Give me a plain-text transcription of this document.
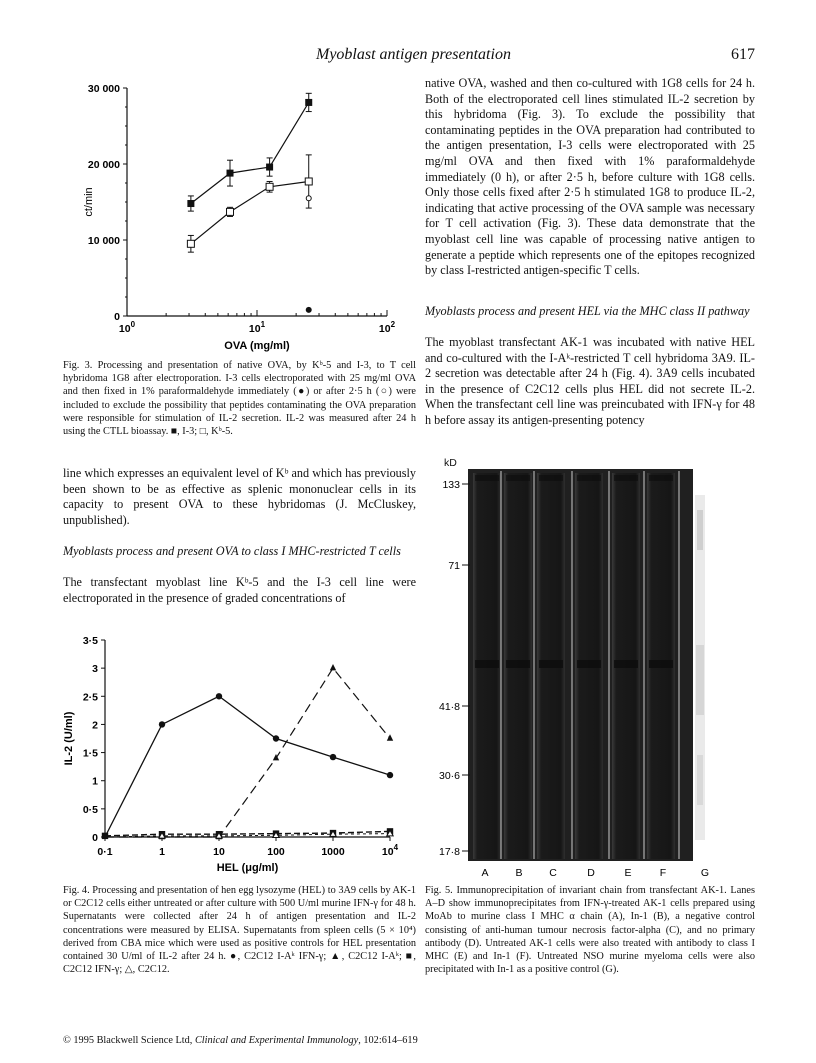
Myoblast antigen presentation	617
0
10 000
20 000
30 000
$10^0$	$10^1$	$10^2$
ct/min
OVA (mg/ml)
Fig. 3. Processing and presentation of native OVA, by Kᵇ-5 and I-3, to T cell hybridoma 1G8 after electroporation. I-3 cells electroporated with 25 mg/ml OVA and then fixed in 1% paraformaldehyde immediately (●) or after 2·5 h (○) were included to exclude the possibility that peptides contaminating the OVA preparation were responsible for stimulation of IL-2 secretion. IL-2 was measured after 24 h using the CTLL bioassay. ■, I-3; □, Kᵇ-5.
line which expresses an equivalent level of Kᵇ and which has previously been shown to be as effective as splenic mononuclear cells in its capacity to present OVA to these hybridomas (J. McCluskey, unpublished).
Myoblasts process and present OVA to class I MHC-restricted T cells
The transfectant myoblast line Kᵇ-5 and the I-3 cell line were electroporated in the presence of graded concentrations of
0
0·5
1
1·5
2
2·5
3
3·5
0·1	1	10	100	1000	$10^4$
IL-2 (U/ml)
HEL (μg/ml)
Fig. 4. Processing and presentation of hen egg lysozyme (HEL) to 3A9 cells by AK-1 or C2C12 cells either untreated or after culture with 500 U/ml murine IFN-γ for 48 h. Supernatants were collected after 24 h of antigen presentation and IL-2 concentrations were measured by ELISA. Supernatants from spleen cells (5 × 10⁴) derived from CBA mice which were used as positive controls for HEL presentation contained 30 U/ml of IL-2 after 24 h. ●, C2C12 I-Aᵏ IFN-γ; ▲, C2C12 I-Aᵏ; ■, C2C12 IFN-γ; △, C2C12.
native OVA, washed and then co-cultured with 1G8 cells for 24 h. Both of the electroporated cell lines stimulated IL-2 secretion by this hybridoma (Fig. 3). To exclude the possibility that contaminating peptides in the OVA preparation had contributed to the antigen presentation, I-3 cells were electroporated with 25 mg/ml OVA and then fixed with 1% paraformaldehyde immediately (0 h), or after 2·5 h, before culture with 1G8 cells. Only those cells fixed after 2·5 h stimulated 1G8 to produce IL-2, indicating that active processing of the OVA sample was necessary for T cell activation (Fig. 3). These data demonstrate that the myoblast cell line was capable of processing native antigen to generate a peptide which represents one of the epitopes recognized by class I-restricted antigen-specific T cells.
Myoblasts process and present HEL via the MHC class II pathway
The myoblast transfectant AK-1 was incubated with native HEL and co-cultured with the I-Aᵏ-restricted T cell hybridoma 3A9. IL-2 secretion was detectable after 24 h (Fig. 4). 3A9 cells incubated in the presence of C2C12 cells plus HEL did not secrete IL-2. When the transfectant cell line was preincubated with IFN-γ for 48 h before assay its antigen-presenting potency
kD
133
71
41·8
30·6
17·8
A	B	C	D	E	F	G
Fig. 5. Immunoprecipitation of invariant chain from transfectant AK-1. Lanes A–D show immunoprecipitates from IFN-γ-treated AK-1 cells prepared using MoAb to murine class I MHC α chain (A), In-1 (B), a negative control consisting of anti-human tumour necrosis factor-alpha (C), and no primary antibody (D). Untreated AK-1 cells were also treated with antibody to class I MHC (E) and In-1 (F). Untreated NSO murine myeloma cells were also precipitated with In-1 as a positive control (G).
© 1995 Blackwell Science Ltd, Clinical and Experimental Immunology, 102:614–619
